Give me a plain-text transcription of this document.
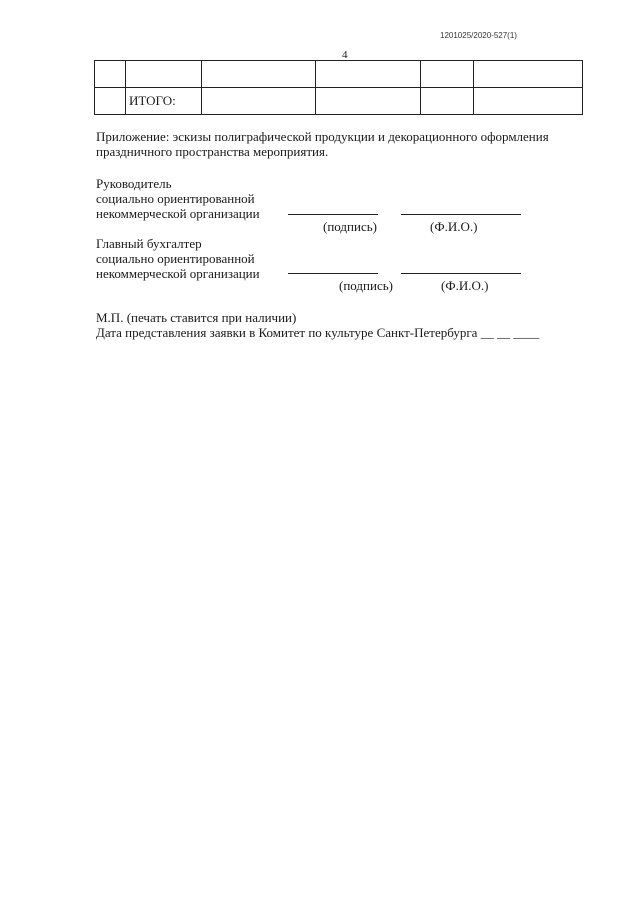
1201025/2020-527(1)
4

	ИТОГО:				
Приложение: эскизы полиграфической продукции и декорационного оформления
праздничного пространства мероприятия.
Руководитель
социально ориентированной
некоммерческой организации
(подпись)	(Ф.И.О.)
Главный бухгалтер
социально ориентированной
некоммерческой организации
(подпись)	(Ф.И.О.)
М.П. (печать ставится при наличии)
Дата представления заявки в Комитет по культуре Санкт-Петербурга __ __ ____
